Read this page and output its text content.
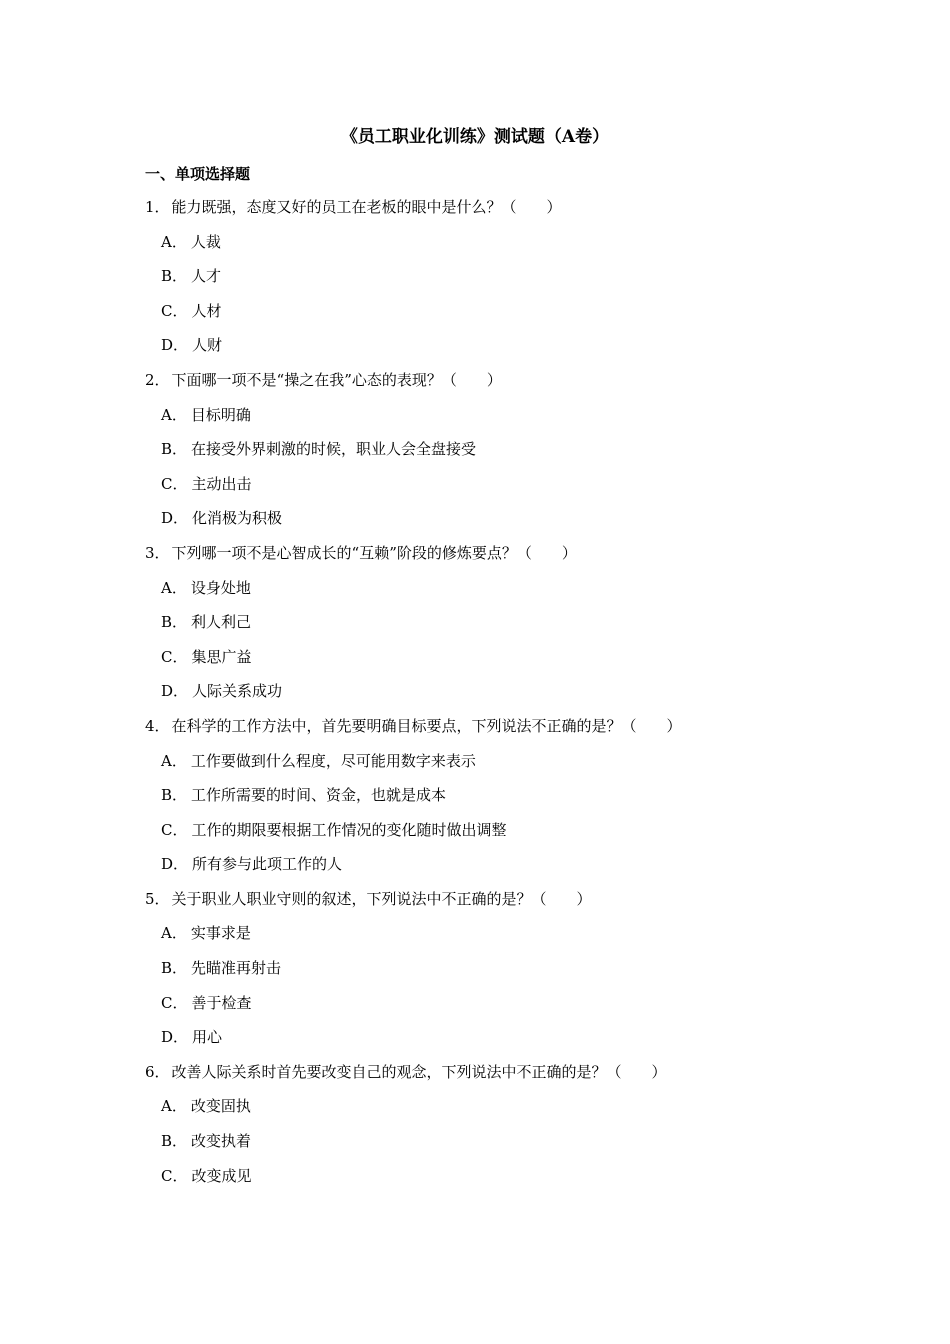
《员工职业化训练》测试题（A卷）
一、单项选择题
1． 能力既强，态度又好的员工在老板的眼中是什么？（　　）
A． 人裁
B． 人才
C． 人材
D． 人财
2． 下面哪一项不是“操之在我”心态的表现？（　　）
A． 目标明确
B． 在接受外界刺激的时候，职业人会全盘接受
C． 主动出击
D． 化消极为积极
3． 下列哪一项不是心智成长的“互赖”阶段的修炼要点？（　　）
A． 设身处地
B． 利人利己
C． 集思广益
D． 人际关系成功
4． 在科学的工作方法中，首先要明确目标要点，下列说法不正确的是？（　　）
A． 工作要做到什么程度，尽可能用数字来表示
B． 工作所需要的时间、资金，也就是成本
C． 工作的期限要根据工作情况的变化随时做出调整
D． 所有参与此项工作的人
5． 关于职业人职业守则的叙述，下列说法中不正确的是？（　　）
A． 实事求是
B． 先瞄准再射击
C． 善于检查
D． 用心
6． 改善人际关系时首先要改变自己的观念，下列说法中不正确的是？（　　）
A． 改变固执
B． 改变执着
C． 改变成见
